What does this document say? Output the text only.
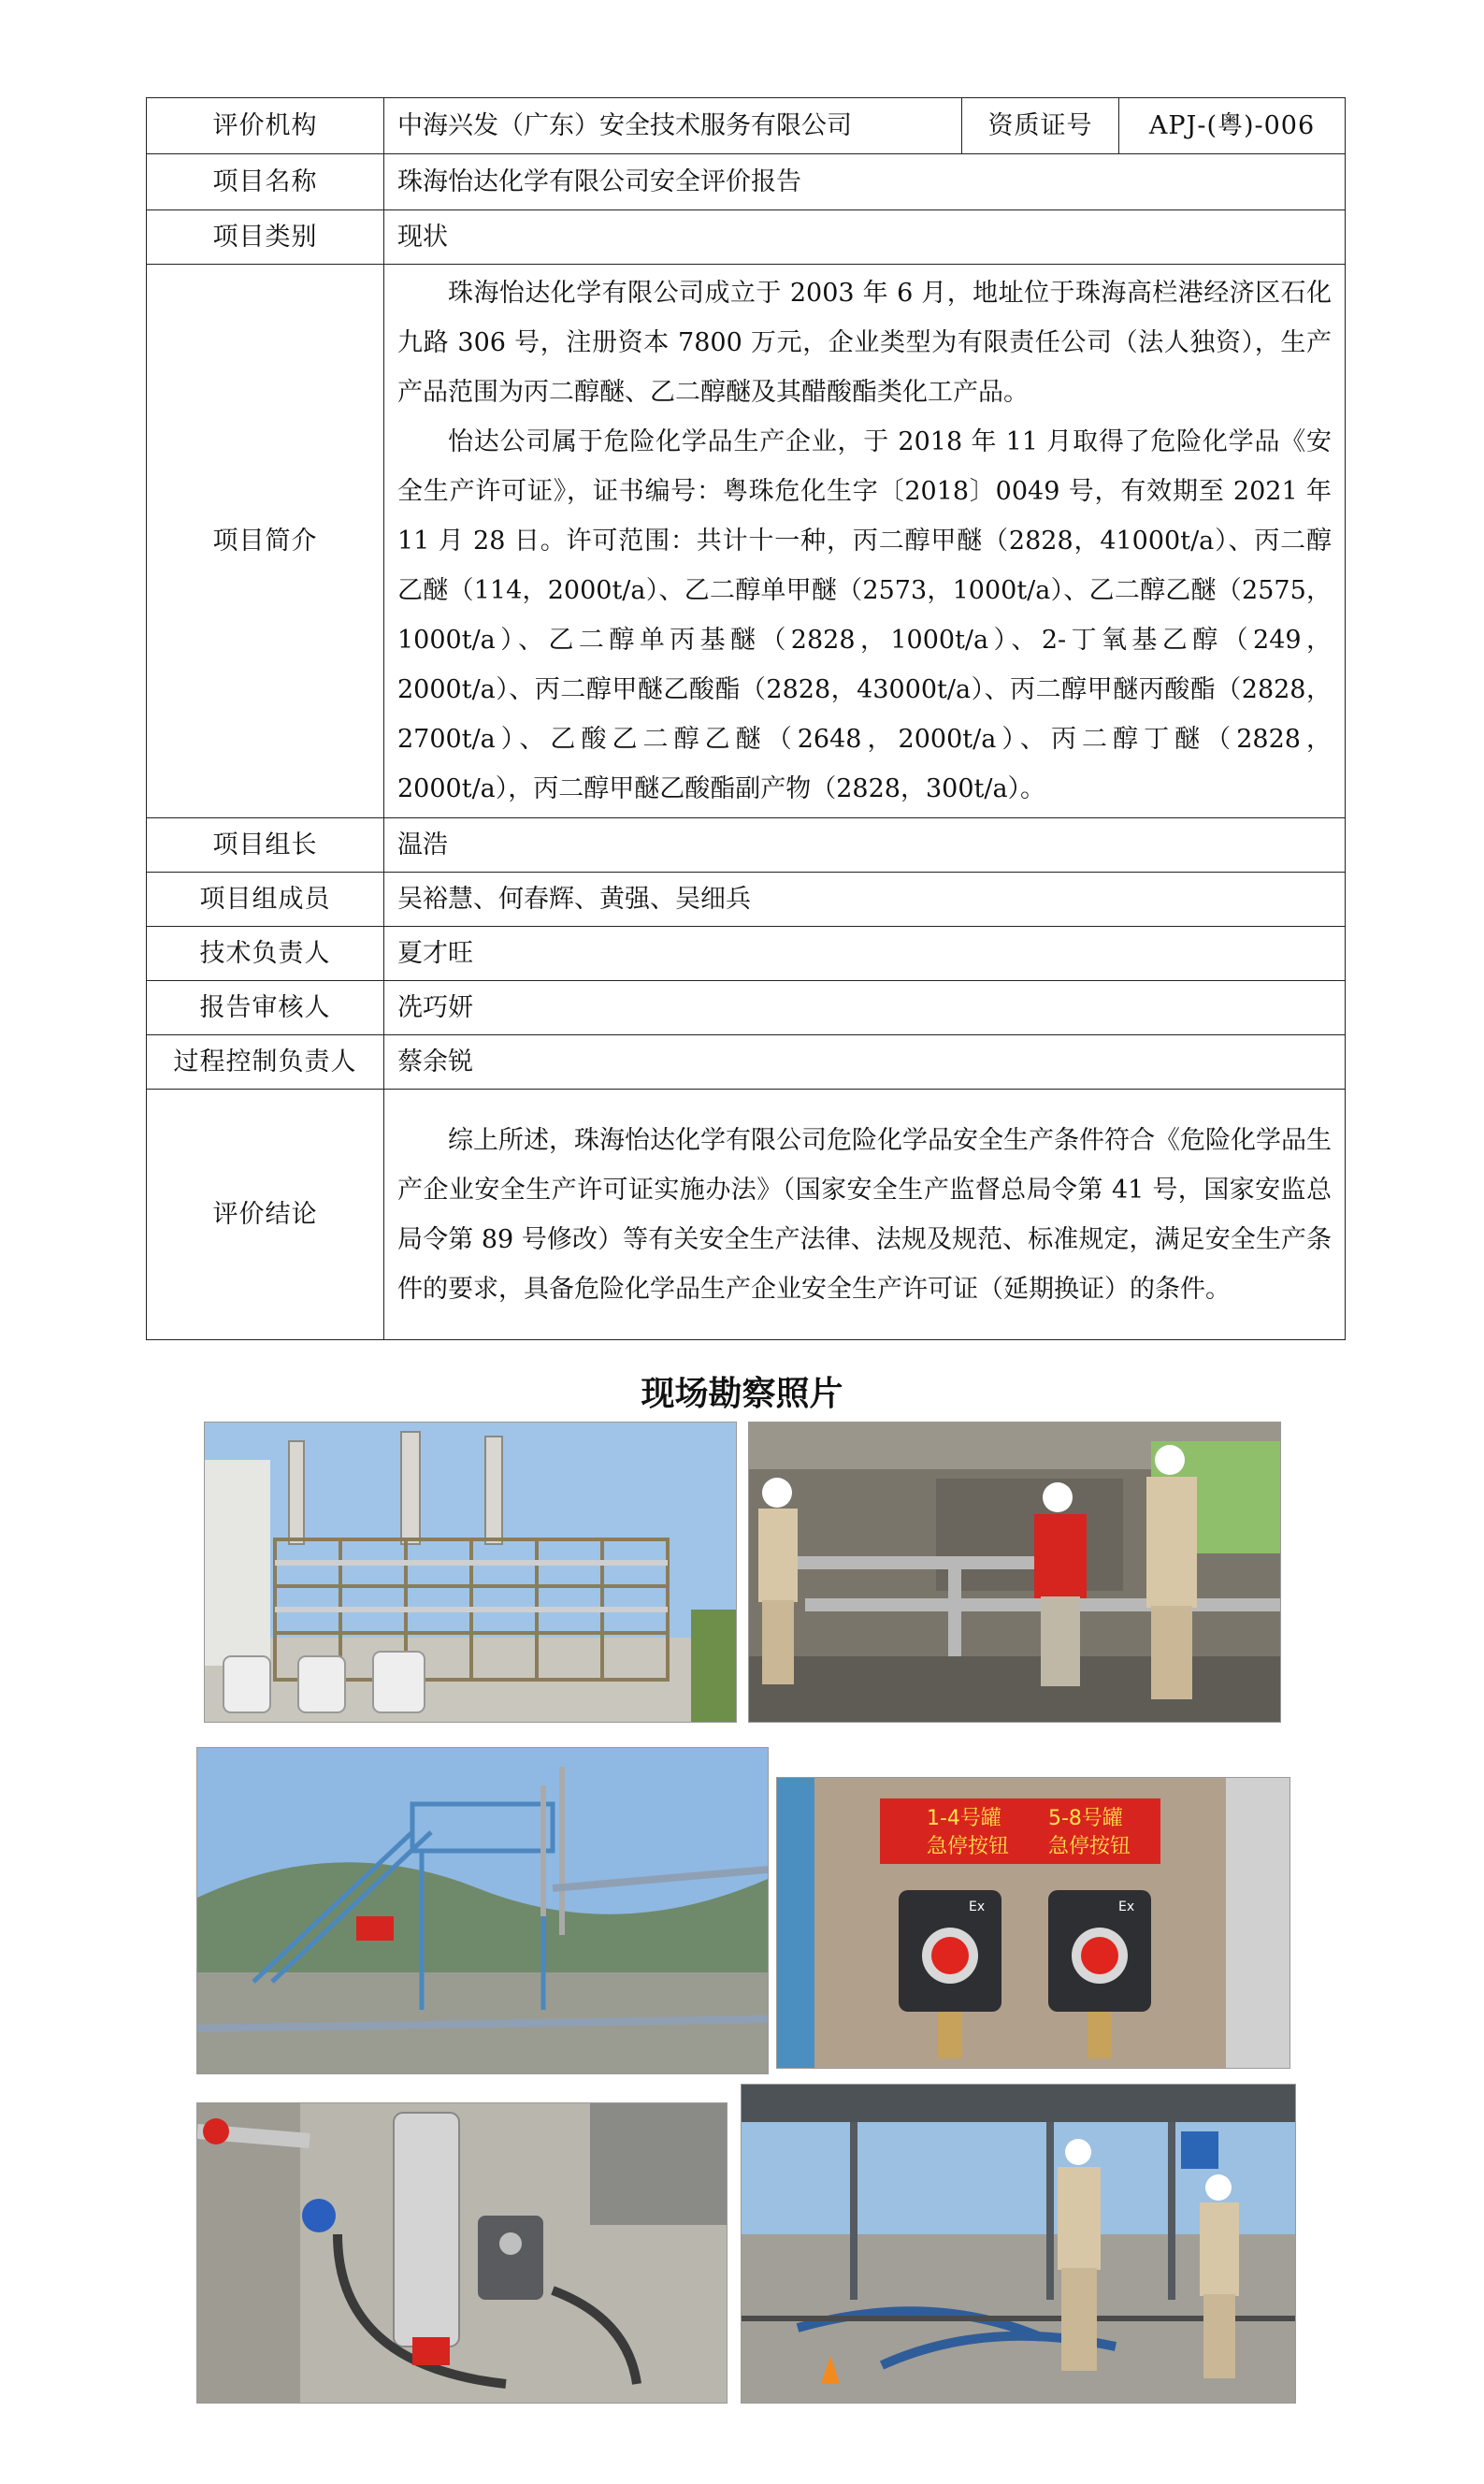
评价机构	中海兴发（广东）安全技术服务有限公司	资质证号	APJ-(粤)-006
项目名称	珠海怡达化学有限公司安全评价报告		
项目类别	现状		
项目简介	珠海怡达化学有限公司成立于 2003 年 6 月，地址位于珠海高栏港经济区石化九路 306 号，注册资本 7800 万元，企业类型为有限责任公司（法人独资），生产产品范围为丙二醇醚、乙二醇醚及其醋酸酯类化工产品。

怡达公司属于危险化学品生产企业，于 2018 年 11 月取得了危险化学品《安全生产许可证》，证书编号：粤珠危化生字〔2018〕0049 号，有效期至 2021 年 11 月 28 日。许可范围：共计十一种，丙二醇甲醚（2828，41000t/a）、丙二醇乙醚（114，2000t/a）、乙二醇单甲醚（2573，1000t/a）、乙二醇乙醚（2575，1000t/a）、乙二醇单丙基醚（2828，1000t/a）、2-丁氧基乙醇（249，2000t/a）、丙二醇甲醚乙酸酯（2828，43000t/a）、丙二醇甲醚丙酸酯（2828，2700t/a）、乙酸乙二醇乙醚（2648，2000t/a）、丙二醇丁醚（2828，2000t/a），丙二醇甲醚乙酸酯副产物（2828，300t/a）。		

项目组长	温浩		
项目组成员	吴裕慧、何春辉、黄强、吴细兵		
技术负责人	夏才旺		
报告审核人	冼巧妍		
过程控制负责人	蔡余锐		
评价结论	综上所述，珠海怡达化学有限公司危险化学品安全生产条件符合《危险化学品生产企业安全生产许可证实施办法》（国家安全生产监督总局令第 41 号，国家安监总局令第 89 号修改）等有关安全生产法律、法规及规范、标准规定，满足安全生产条件的要求，具备危险化学品生产企业安全生产许可证（延期换证）的条件。		

现场勘察照片
1-4号罐
急停按钮
5-8号罐
急停按钮
Ex	Ex
